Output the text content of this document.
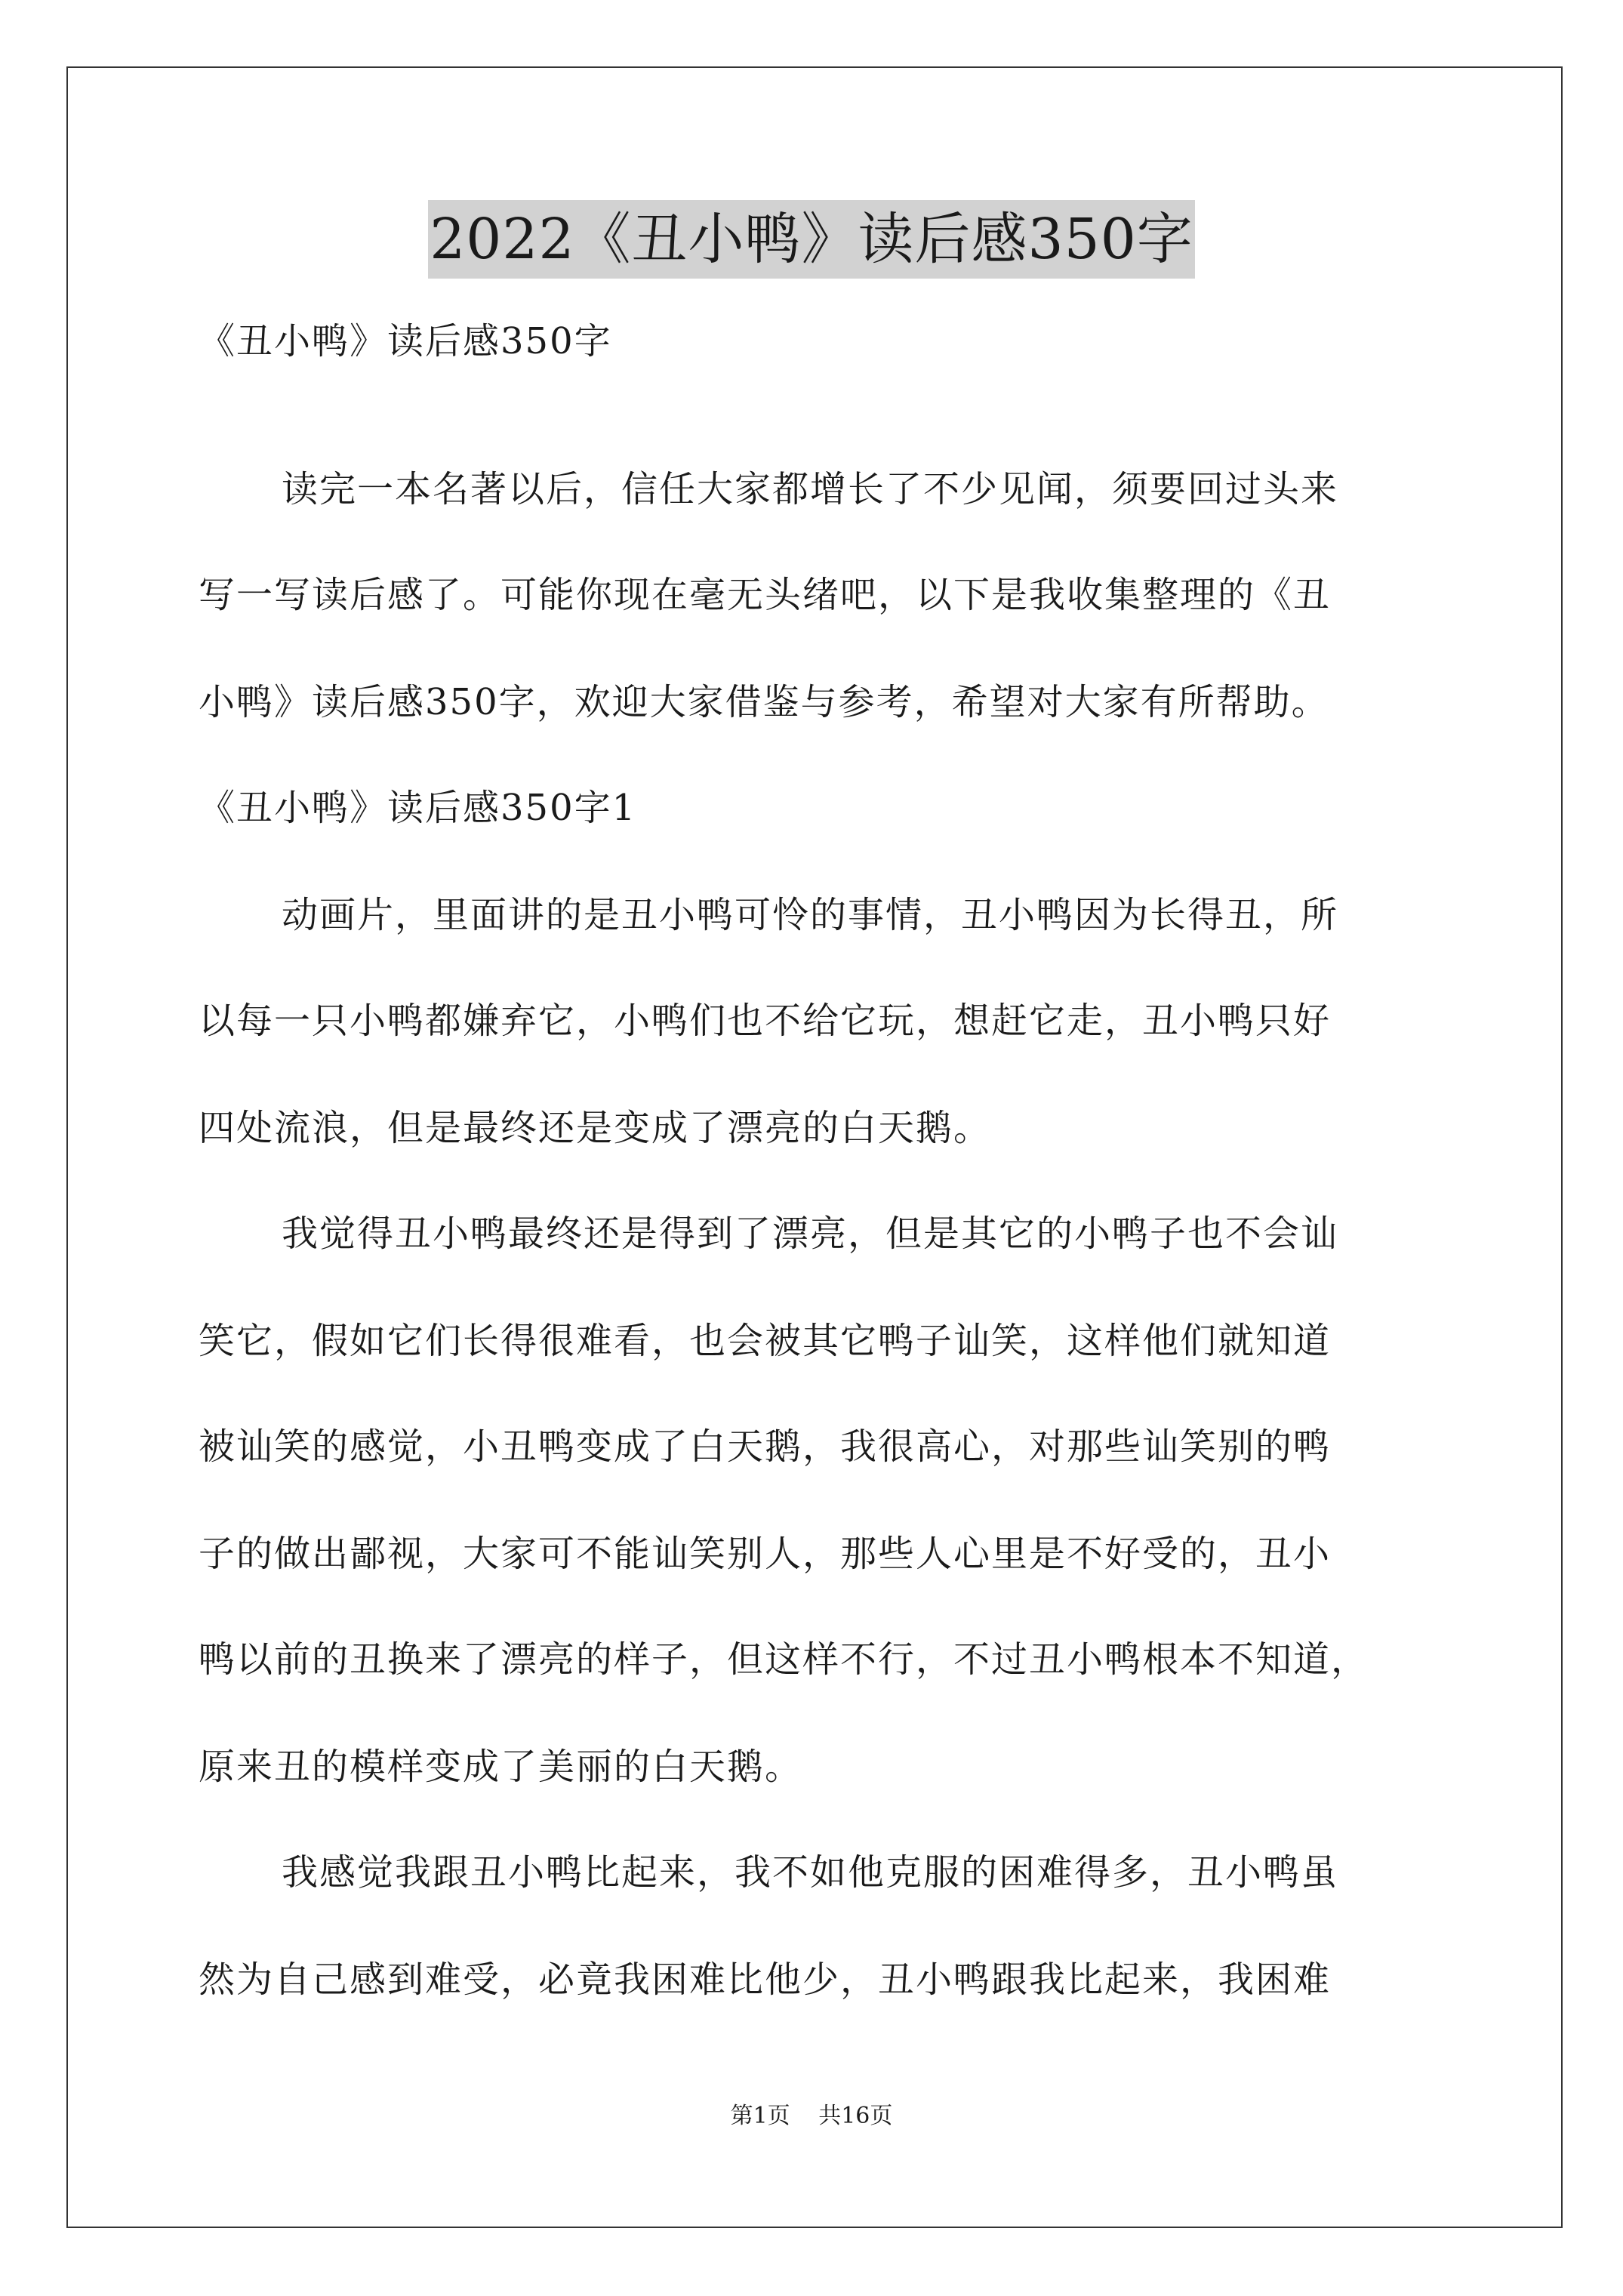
2022《丑小鸭》读后感350字
《丑小鸭》读后感350字
读完一本名著以后，信任大家都增长了不少见闻，须要回过头来
写一写读后感了。可能你现在毫无头绪吧，以下是我收集整理的《丑
小鸭》读后感350字，欢迎大家借鉴与参考，希望对大家有所帮助。
《丑小鸭》读后感350字1
动画片，里面讲的是丑小鸭可怜的事情，丑小鸭因为长得丑，所
以每一只小鸭都嫌弃它，小鸭们也不给它玩，想赶它走，丑小鸭只好
四处流浪，但是最终还是变成了漂亮的白天鹅。
我觉得丑小鸭最终还是得到了漂亮，但是其它的小鸭子也不会讪
笑它，假如它们长得很难看，也会被其它鸭子讪笑，这样他们就知道
被讪笑的感觉，小丑鸭变成了白天鹅，我很高心，对那些讪笑别的鸭
子的做出鄙视，大家可不能讪笑别人，那些人心里是不好受的，丑小
鸭以前的丑换来了漂亮的样子，但这样不行，不过丑小鸭根本不知道，
原来丑的模样变成了美丽的白天鹅。
我感觉我跟丑小鸭比起来，我不如他克服的困难得多，丑小鸭虽
然为自己感到难受，必竟我困难比他少，丑小鸭跟我比起来，我困难
第1页 共16页
